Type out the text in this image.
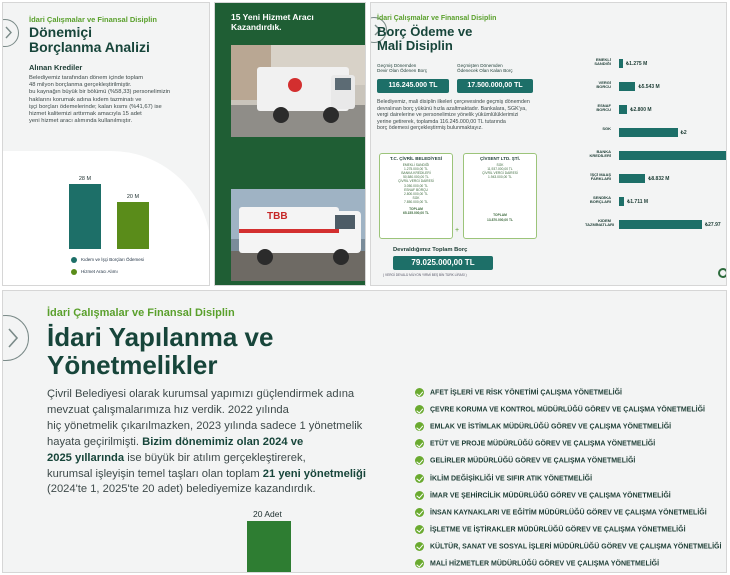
İdari Çalışmalar ve Finansal Disiplin
Dönemiçi
Borçlanma Analizi
Alınan Krediler
Belediyemiz tarafından dönem içinde toplam
48 milyon borçlanma gerçekleştirilmiştir.
bu kaynağın büyük bir bölümü (%58,33) personelimizin
haklarını korumak adına kıdem tazminatı ve
işçi borçları ödemelerinde; kalan kısmı (%41,67) ise
hizmet kalitemizi arttırmak amacıyla 15 adet
yeni hizmet aracı alımında kullanılmıştır.
28 M
20 M
Kıdem ve İşçi Borçları Ödemesi
Hizmet Aracı Alımı
15 Yeni Hizmet Aracı
Kazandırdık.
TBB
İdari Çalışmalar ve Finansal Disiplin
Borç Ödeme ve
Mali Disiplin
Geçmiş Dönemden
Devir Olan Ödenen Borç
116.245.000 TL
Geçmişten Dönemden
Ödenecek Olan Kalan Borç
17.500.000,00 TL
Belediyemiz, mali disiplin ilkeleri çerçevesinde geçmiş dönemden
devralınan borç yükünü hızla azaltmaktadır. Bankalara, SGK'ya,
vergi dairelerine ve personelimize yönelik yükümlülüklerimizi
yerine getirerek, toplamda 116.245.000,00 TL tutarında
borç ödemesi gerçekleştirmiş bulunmaktayız.
T.C. ÇİVRİL BELEDİYESİ
EMEKLİ SANDIĞI
1.275.000,00 TL
BANKA KREDİLERİ
50.580.000,00 TL
ÇİVRİL VERGİ DAİRESİ
3.050.000,00 TL
ESNAF BORÇU
2.800.000,00 TL
SGK
7.850.000,00 TL
TOPLAM
65.155.000,00 TL
+
ÇİVSENT LTD. ŞTİ.
SGK
11.937.000,00 TL
ÇİVRİL VERGİ DAİRESİ
1.943.000,00 TL
TOPLAM
13.870.000,00 TL
Devraldığımız Toplam Borç
79.025.000,00 TL
( VERGİ DEVALÜ MİLYON YIRMİ BEŞ BİN TÜRK LİRASI )
EMEKLİ SANDIĞI	₺1.275 M
VERGİ BORCU	₺5.543 M
ESNAF BORCU	₺2.800 M
SGK
₺2
BANKA KREDİLERİ
İŞÇİ MAAŞ FARKLARI	₺8.832 M
SENDİKA BORÇLARI	₺1.711 M
KIDEM TAZMİNATLARI	₺27.97
İdari Çalışmalar ve Finansal Disiplin
İdari Yapılanma ve
Yönetmelikler
Çivril Belediyesi olarak kurumsal yapımızı güçlendirmek adına
mevzuat çalışmalarımıza hız verdik. 2022 yılında
hiç yönetmelik çıkarılmazken, 2023 yılında sadece 1 yönetmelik
hayata geçirilmişti. Bizim dönemimiz olan 2024 ve
2025 yıllarında ise büyük bir atılım gerçekleştirerek,
kurumsal işleyişin temel taşları olan toplam 21 yeni yönetmeliği
(2024'te 1, 2025'te 20 adet) belediyemize kazandırdık.
20 Adet
AFET İŞLERİ VE RİSK YÖNETİMİ ÇALIŞMA YÖNETMELİĞİ
ÇEVRE KORUMA VE KONTROL MÜDÜRLÜĞÜ GÖREV VE ÇALIŞMA YÖNETMELİĞİ
EMLAK VE İSTİMLAK MÜDÜRLÜĞÜ GÖREV VE ÇALIŞMA YÖNETMELİĞİ
ETÜT VE PROJE MÜDÜRLÜĞÜ GÖREV VE ÇALIŞMA YÖNETMELİĞİ
GELİRLER MÜDÜRLÜĞÜ GÖREV VE ÇALIŞMA YÖNETMELİĞİ
İKLİM DEĞİŞİKLİĞİ VE SIFIR ATIK YÖNETMELİĞİ
İMAR VE ŞEHİRCİLİK MÜDÜRLÜĞÜ GÖREV VE ÇALIŞMA YÖNETMELİĞİ
İNSAN KAYNAKLARI VE EĞİTİM MÜDÜRLÜĞÜ GÖREV VE ÇALIŞMA YÖNETMELİĞİ
İŞLETME VE İŞTİRAKLER MÜDÜRLÜĞÜ GÖREV VE ÇALIŞMA YÖNETMELİĞİ
KÜLTÜR, SANAT VE SOSYAL İŞLERİ MÜDÜRLÜĞÜ GÖREV VE ÇALIŞMA YÖNETMELİĞİ
MALİ HİZMETLER MÜDÜRLÜĞÜ GÖREV VE ÇALIŞMA YÖNETMELİĞİ
